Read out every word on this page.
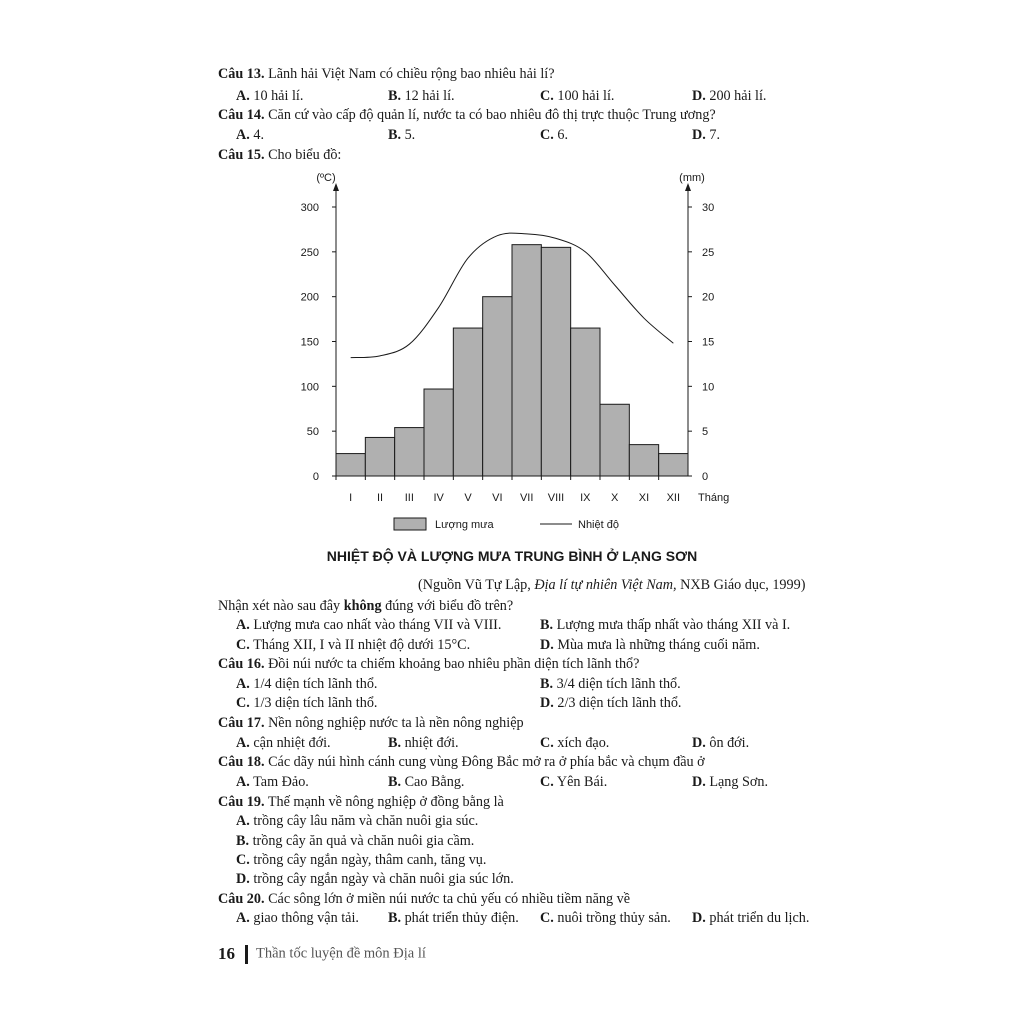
Câu 13. Lãnh hải Việt Nam có chiều rộng bao nhiêu hải lí?
A. 10 hải lí.	B. 12 hải lí.	C. 100 hải lí.	D. 200 hải lí.
Câu 14. Căn cứ vào cấp độ quản lí, nước ta có bao nhiêu đô thị trực thuộc Trung ương?
A. 4.	B. 5.	C. 6.	D. 7.
Câu 15. Cho biểu đồ:
0
50
100
150
200
250
300
0
5
10
15
20
25
30
I II III IV V VI VII VIII IX X XI XII
(ºC)	(mm)
Tháng
Lượng mưa	Nhiệt độ
NHIỆT ĐỘ VÀ LƯỢNG MƯA TRUNG BÌNH Ở LẠNG SƠN
(Nguồn Vũ Tự Lập, Địa lí tự nhiên Việt Nam, NXB Giáo dục, 1999)
Nhận xét nào sau đây không đúng với biểu đồ trên?
A. Lượng mưa cao nhất vào tháng VII và VIII.	B. Lượng mưa thấp nhất vào tháng XII và I.
C. Tháng XII, I và II nhiệt độ dưới 15°C.	D. Mùa mưa là những tháng cuối năm.
Câu 16. Đồi núi nước ta chiếm khoảng bao nhiêu phần diện tích lãnh thổ?
A. 1/4 diện tích lãnh thổ.	B. 3/4 diện tích lãnh thổ.
C. 1/3 diện tích lãnh thổ.	D. 2/3 diện tích lãnh thổ.
Câu 17. Nền nông nghiệp nước ta là nền nông nghiệp
A. cận nhiệt đới.	B. nhiệt đới.	C. xích đạo.	D. ôn đới.
Câu 18. Các dãy núi hình cánh cung vùng Đông Bắc mở ra ở phía bắc và chụm đầu ở
A. Tam Đảo.	B. Cao Bằng.	C. Yên Bái.	D. Lạng Sơn.
Câu 19. Thế mạnh về nông nghiệp ở đồng bằng là
A. trồng cây lâu năm và chăn nuôi gia súc.
B. trồng cây ăn quả và chăn nuôi gia cầm.
C. trồng cây ngắn ngày, thâm canh, tăng vụ.
D. trồng cây ngắn ngày và chăn nuôi gia súc lớn.
Câu 20. Các sông lớn ở miền núi nước ta chủ yếu có nhiều tiềm năng về
A. giao thông vận tải. B. phát triển thủy điện. C. nuôi trồng thủy sản. D. phát triển du lịch.
16 Thần tốc luyện đề môn Địa lí
